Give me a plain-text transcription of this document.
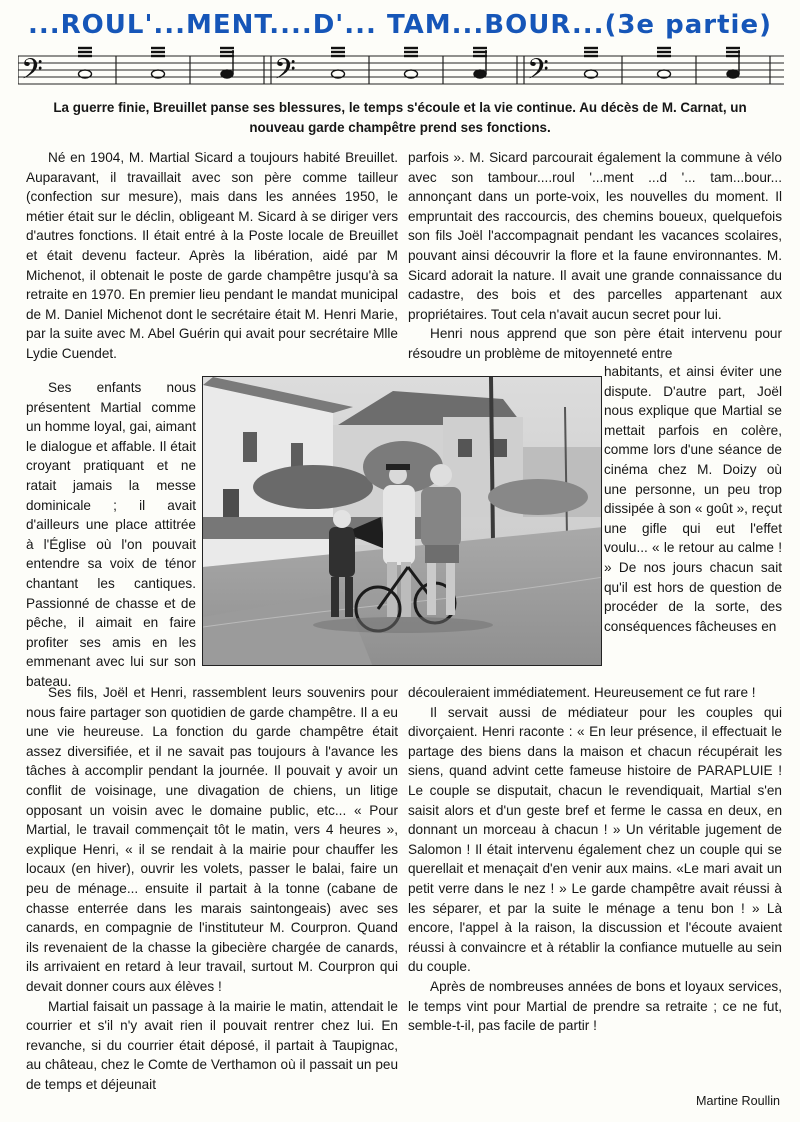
...ROUL'...MENT....D'... TAM...BOUR...(3e partie)
𝄢	𝄢	𝄢
La guerre finie, Breuillet panse ses blessures, le temps s'écoule et la vie continue. Au décès de M. Carnat, un nouveau garde champêtre prend ses fonctions.

Né en 1904, M. Martial Sicard a toujours habité Breuillet. Auparavant, il travaillait avec son père comme tailleur (confection sur mesure), mais dans les années 1950, le métier était sur le déclin, obligeant M. Sicard à se diriger vers d'autres fonctions. Il était entré à la Poste locale de Breuillet et était devenu facteur. Après la libération, aidé par M Michenot, il obtenait le poste de garde champêtre jusqu'à sa retraite en 1970. En premier lieu pendant le mandat municipal de M. Daniel Michenot dont le secrétaire était M. Henri Marie, par la suite avec M. Abel Guérin qui avait pour secrétaire Mlle Lydie Cuendet.

Ses enfants nous présentent Martial comme un homme loyal, gai, aimant le dialogue et affable. Il était croyant pratiquant et ne ratait jamais la messe dominicale ; il avait d'ailleurs une place attitrée à l'Église où l'on pouvait entendre sa voix de ténor chantant les cantiques. Passionné de chasse et de pêche, il aimait en faire profiter ses amis en les emmenant avec lui sur son bateau.

parfois ». M. Sicard parcourait également la commune à vélo avec son tambour....roul '...ment ...d '... tam...bour... annonçant dans un porte-voix, les nouvelles du moment. Il empruntait des raccourcis, des chemins boueux, quelquefois son fils Joël l'accompagnait pendant les vacances scolaires, pouvant ainsi découvrir la flore et la faune environnantes. M. Sicard adorait la nature. Il avait une grande connaissance du cadastre, des bois et des parcelles appartenant aux propriétaires. Tout cela n'avait aucun secret pour lui.

Henri nous apprend que son père était intervenu pour résoudre un problème de mitoyenneté entre

habitants, et ainsi éviter une dispute. D'autre part, Joël nous explique que Martial se mettait parfois en colère, comme lors d'une séance de cinéma chez M. Doizy où une personne, un peu trop dissipée à son « goût », reçut une gifle qui eut l'effet voulu... « le retour au calme ! » De nos jours chacun sait qu'il est hors de question de procéder de la sorte, des conséquences fâcheuses en

Ses fils, Joël et Henri, rassemblent leurs souvenirs pour nous faire partager son quotidien de garde champêtre. Il a eu une vie heureuse. La fonction du garde champêtre était assez diversifiée, et il ne savait pas toujours à l'avance les tâches à accomplir pendant la journée. Il pouvait y avoir un conflit de voisinage, une divagation de chiens, un litige opposant un voisin avec le domaine public, etc... « Pour Martial, le travail commençait tôt le matin, vers 4 heures », explique Henri, « il se rendait à la mairie pour chauffer les locaux (en hiver), ouvrir les volets, passer le balai, faire un peu de ménage... ensuite il partait à la tonne (cabane de chasse enterrée dans les marais saintongeais) avec ses canards, en compagnie de l'instituteur M. Courpron. Quand ils revenaient de la chasse la gibecière chargée de canards, ils arrivaient en retard à leur travail, surtout M. Courpron qui devait donner cours aux élèves !

Martial faisait un passage à la mairie le matin, attendait le courrier et s'il n'y avait rien il pouvait rentrer chez lui. En revanche, si du courrier était déposé, il partait à Taupignac, au château, chez le Comte de Verthamon où il passait un peu de temps et déjeunait

découleraient immédiatement. Heureusement ce fut rare !

Il servait aussi de médiateur pour les couples qui divorçaient. Henri raconte : « En leur présence, il effectuait le partage des biens dans la maison et chacun récupérait les siens, quand advint cette fameuse histoire de PARAPLUIE ! Le couple se disputait, chacun le revendiquait, Martial s'en saisit alors et d'un geste bref et ferme le cassa en deux, en donnant un morceau à chacun ! » Un véritable jugement de Salomon ! Il était intervenu également chez un couple qui se querellait et menaçait d'en venir aux mains. «Le mari avait un petit verre dans le nez ! » Le garde champêtre avait réussi à les séparer, et par la suite le ménage a tenu bon ! » Là encore, l'appel à la raison, la discussion et l'écoute avaient réussi à convaincre et à rétablir la confiance mutuelle au sein du couple.

Après de nombreuses années de bons et loyaux services, le temps vint pour Martial de prendre sa retraite ; ce ne fut, semble-t-il, pas facile de partir !

Martine Roullin
